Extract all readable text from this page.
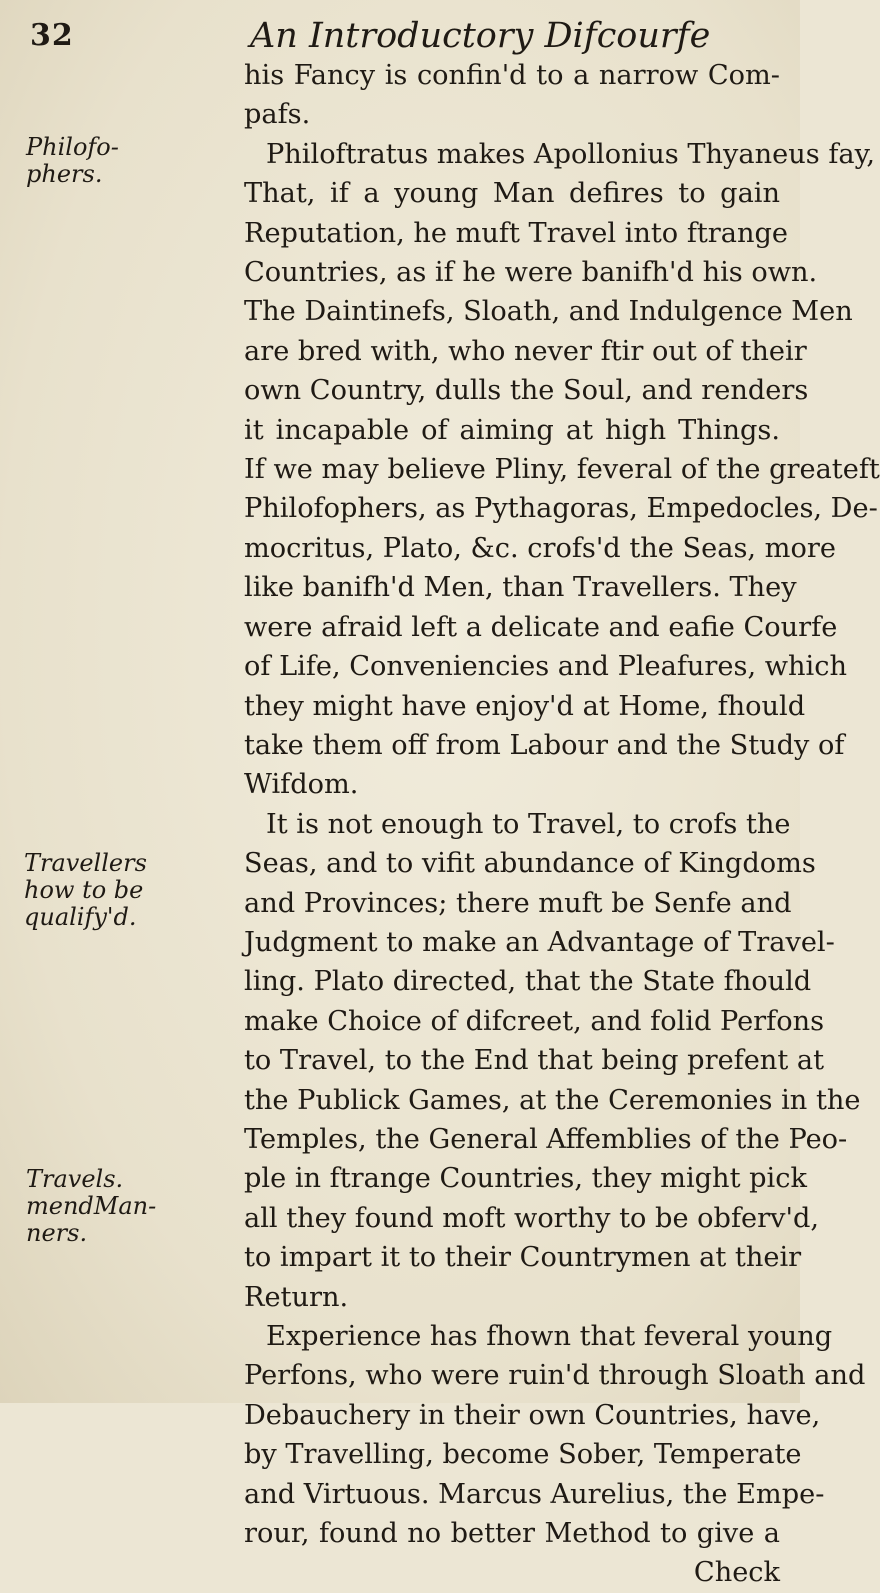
32	An Introductory Difcourfe
Philofo-
phers.
Travellers
how to be
qualify'd.
Travels.
mendMan-
ners.
his Fancy is confin'd to a narrow Com-
pafs.
Philoftratus makes Apollonius Thyaneus fay,
That, if a young Man defires to gain
Reputation, he muft Travel into ftrange
Countries, as if he were banifh'd his own.
The Daintinefs, Sloath, and Indulgence Men
are bred with, who never ftir out of their
own Country, dulls the Soul, and renders
it incapable of aiming at high Things.
If we may believe Pliny, feveral of the greateft
Philofophers, as Pythagoras, Empedocles, De-
mocritus, Plato, &c. crofs'd the Seas, more
like banifh'd Men, than Travellers. They
were afraid left a delicate and eafie Courfe
of Life, Conveniencies and Pleafures, which
they might have enjoy'd at Home, fhould
take them off from Labour and the Study of
Wifdom.
It is not enough to Travel, to crofs the
Seas, and to vifit abundance of Kingdoms
and Provinces; there muft be Senfe and
Judgment to make an Advantage of Travel-
ling. Plato directed, that the State fhould
make Choice of difcreet, and folid Perfons
to Travel, to the End that being prefent at
the Publick Games, at the Ceremonies in the
Temples, the General Affemblies of the Peo-
ple in ftrange Countries, they might pick
all they found moft worthy to be obferv'd,
to impart it to their Countrymen at their
Return.
Experience has fhown that feveral young
Perfons, who were ruin'd through Sloath and
Debauchery in their own Countries, have,
by Travelling, become Sober, Temperate
and Virtuous. Marcus Aurelius, the Empe-
rour, found no better Method to give a
Check
